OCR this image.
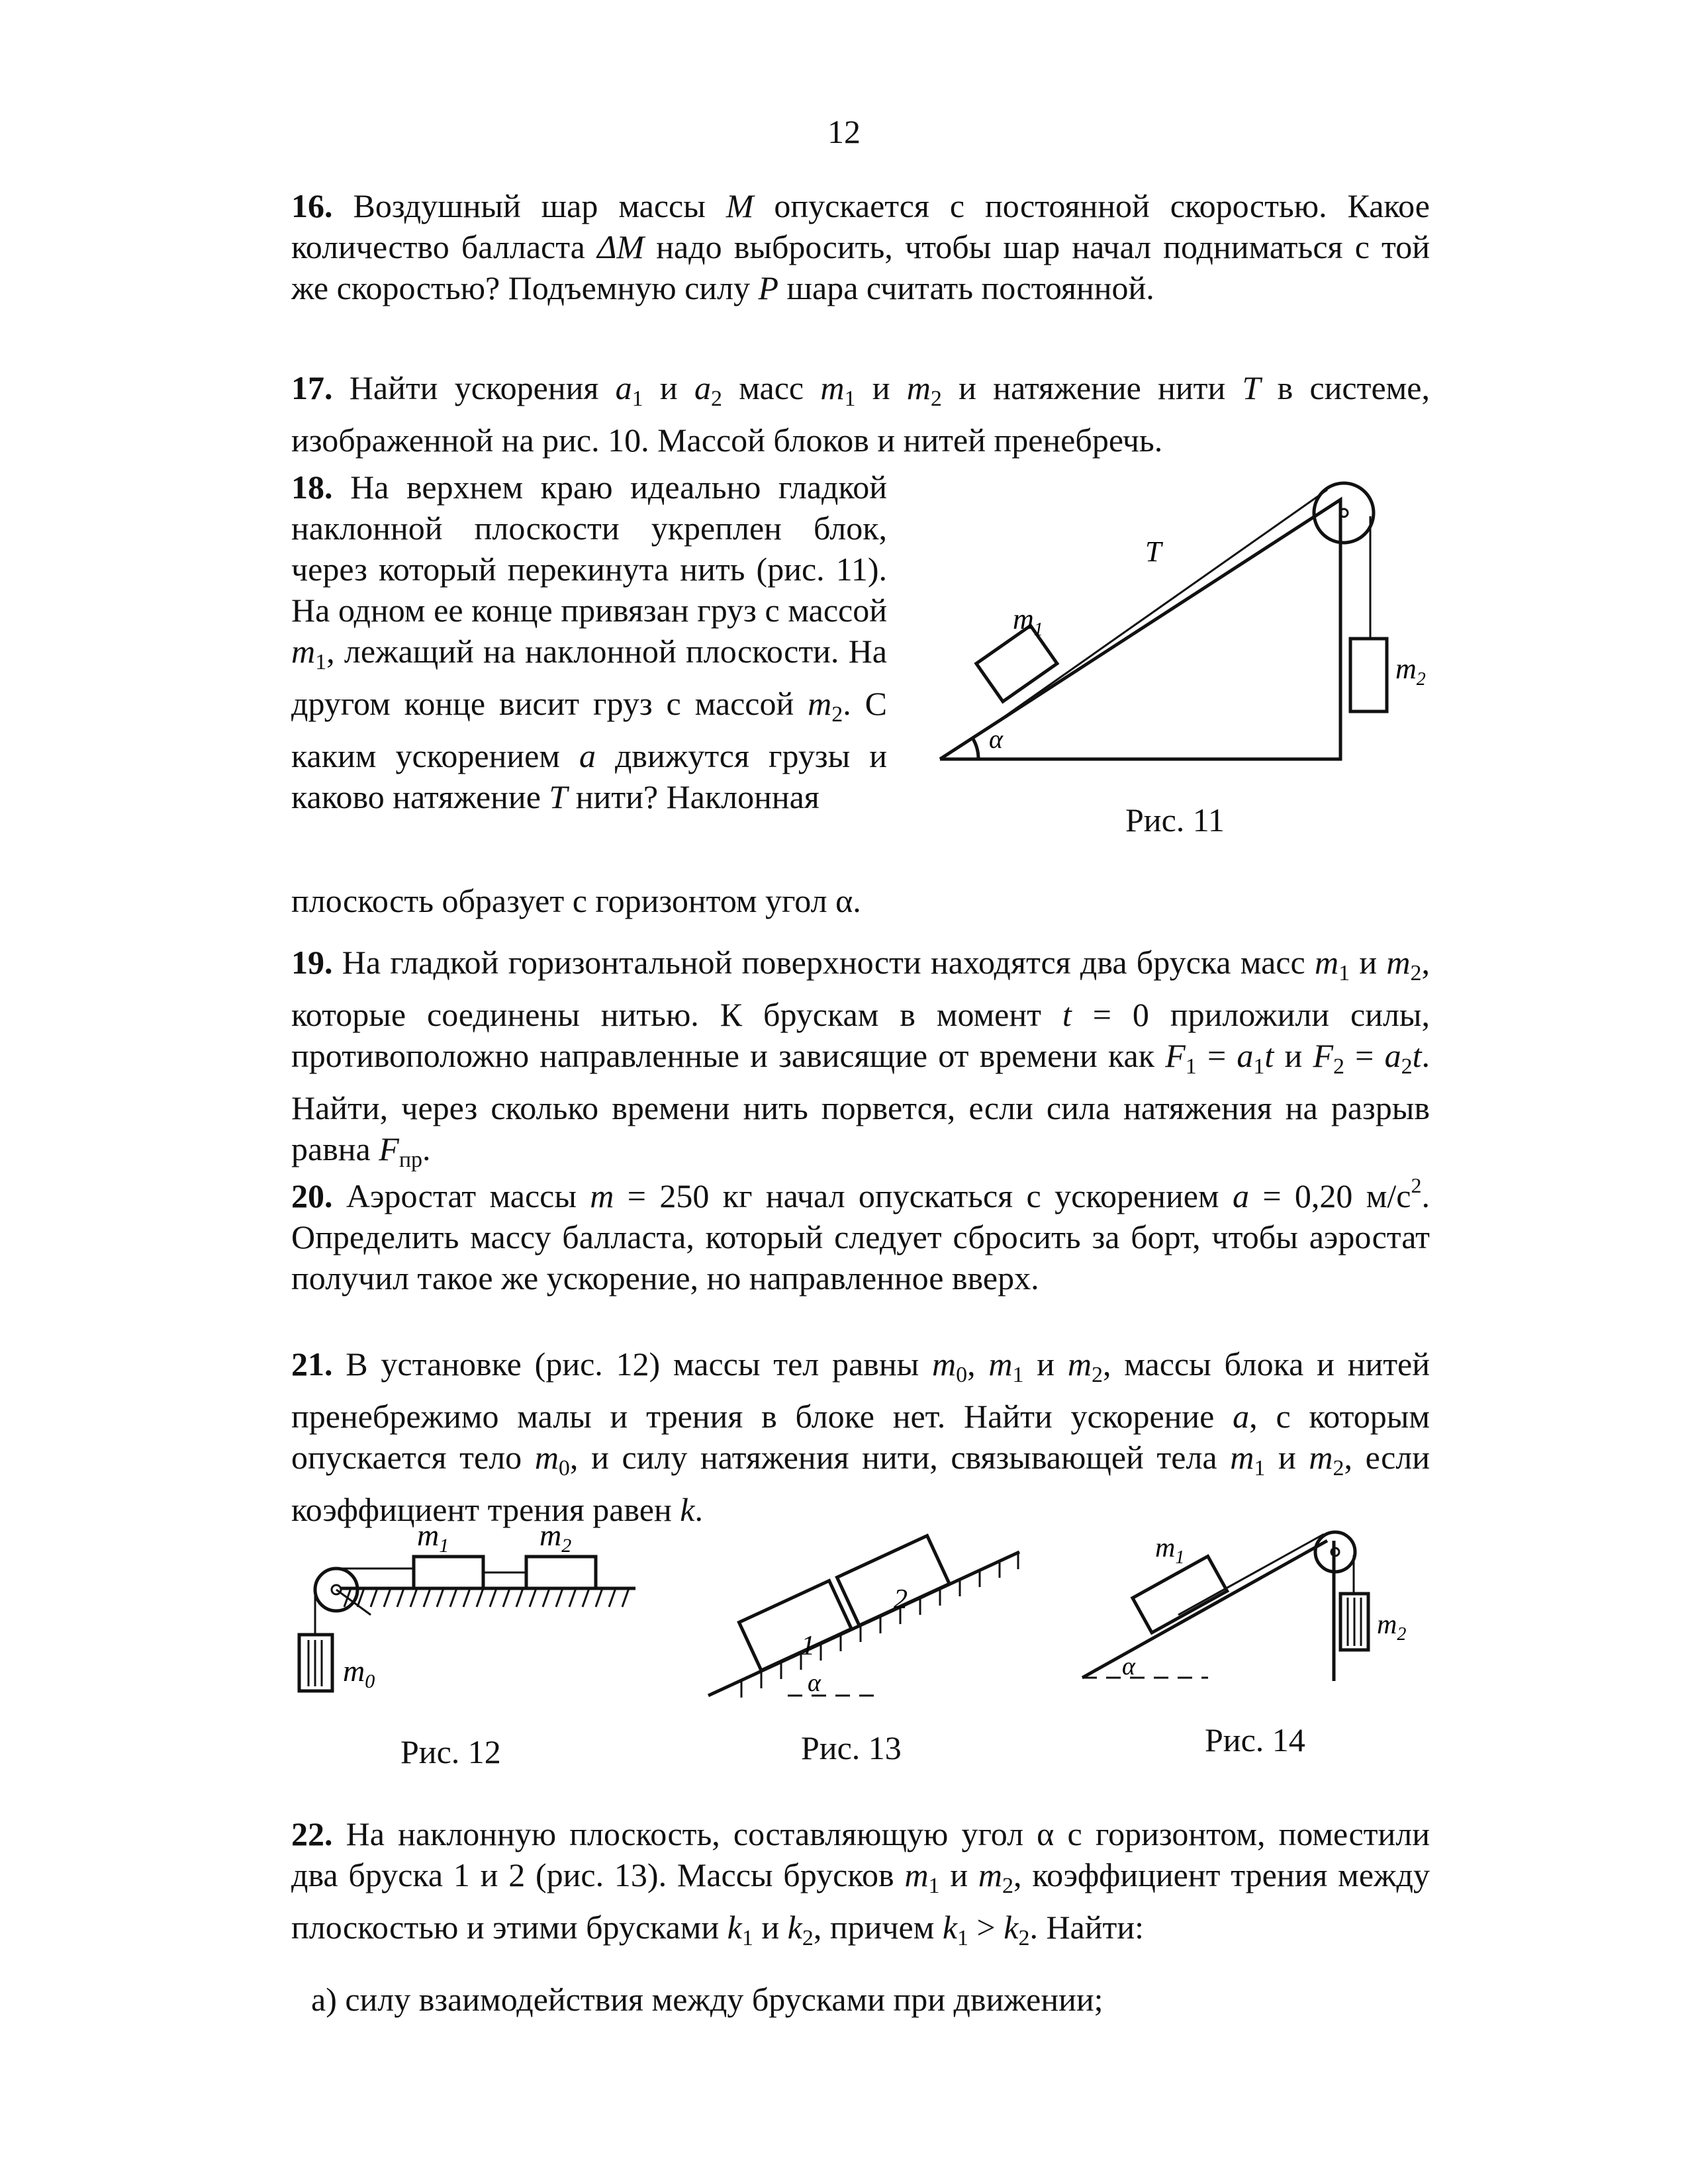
12

16. Воздушный шар массы M опускается с постоянной скоростью. Какое количество балласта ΔM надо выбросить, чтобы шар начал подниматься с той же скоростью? Подъемную силу P шара считать постоянной.

17. Найти ускорения $a_1$ и $a_2$ масс $m_1$ и $m_2$ и натяжение нити T в системе, изображенной на рис. 10. Массой блоков и нитей пренебречь.

18. На верхнем краю идеально гладкой наклонной плоскости укреплен блок, через который перекинута нить (рис. 11). На одном ее конце привязан груз с массой $m_1$, лежащий на наклонной плоскости. На другом конце висит груз с массой $m_2$. С каким ускорением a движутся грузы и каково натяжение T нити? Наклонная

плоскость образует с горизонтом угол α.

α
T
$m_1$
$m_2$
Рис. 11

19. На гладкой горизонтальной поверхности находятся два бруска масс $m_1$ и $m_2$, которые соединены нитью. К брускам в момент t = 0 приложили силы, противоположно направленные и зависящие от времени как $F_1 = a_1t$ и $F_2 = a_2t$. Найти, через сколько времени нить порвется, если сила натяжения на разрыв равна $F_{пр}$.

20. Аэростат массы m = 250 кг начал опускаться с ускорением a = 0,20 $м/с^2$. Определить массу балласта, который следует сбросить за борт, чтобы аэростат получил такое же ускорение, но направленное вверх.

21. В установке (рис. 12) массы тел равны $m_0$, $m_1$ и $m_2$, массы блока и нитей пренебрежимо малы и трения в блоке нет. Найти ускорение a, с которым опускается тело $m_0$, и силу натяжения нити, связывающей тела $m_1$ и $m_2$, если коэффициент трения равен k.

$m_1$	$m_2$
$m_0$
Рис. 12
1
2
α
Рис. 13
α
$m_1$
$m_2$
Рис. 14

22. На наклонную плоскость, составляющую угол α с горизонтом, поместили два бруска 1 и 2 (рис. 13). Массы брусков $m_1$ и $m_2$, коэффициент трения между плоскостью и этими брусками $k_1$ и $k_2$, причем $k_1 > k_2$. Найти:

а) силу взаимодействия между брусками при движении;
